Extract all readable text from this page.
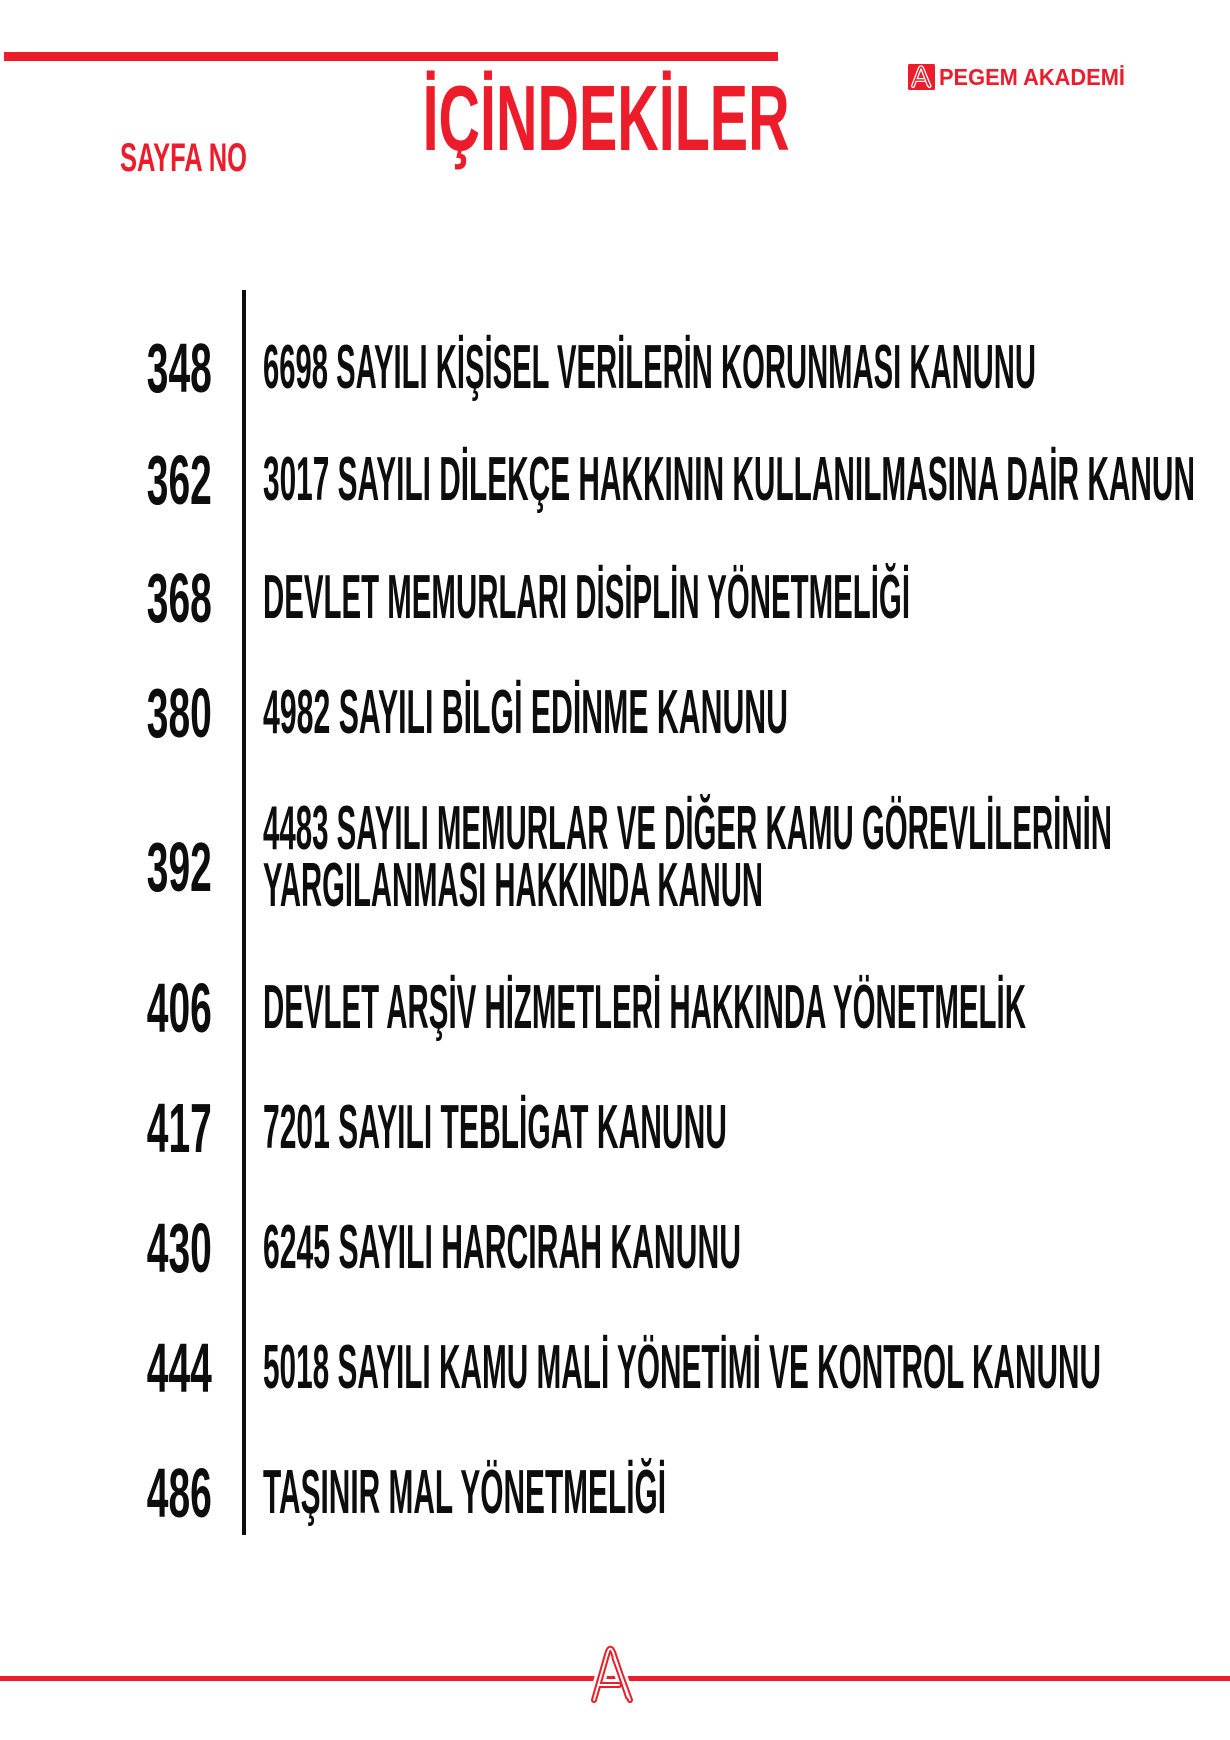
PEGEM AKADEMİ
İÇİNDEKİLER
SAYFA NO
348 6698 SAYILI KİŞİSEL VERİLERİN KORUNMASI KANUNU
362 3017 SAYILI DİLEKÇE HAKKININ KULLANILMASINA DAİR KANUN
368 DEVLET MEMURLARI DİSİPLİN YÖNETMELİĞİ
380 4982 SAYILI BİLGİ EDİNME KANUNU
392 4483 SAYILI MEMURLAR VE DİĞER KAMU GÖREVLİLERİNİN
YARGILANMASI HAKKINDA KANUN
406 DEVLET ARŞİV HİZMETLERİ HAKKINDA YÖNETMELİK
417 7201 SAYILI TEBLİGAT KANUNU
430 6245 SAYILI HARCIRAH KANUNU
444 5018 SAYILI KAMU MALİ YÖNETİMİ VE KONTROL KANUNU
486 TAŞINIR MAL YÖNETMELİĞİ
